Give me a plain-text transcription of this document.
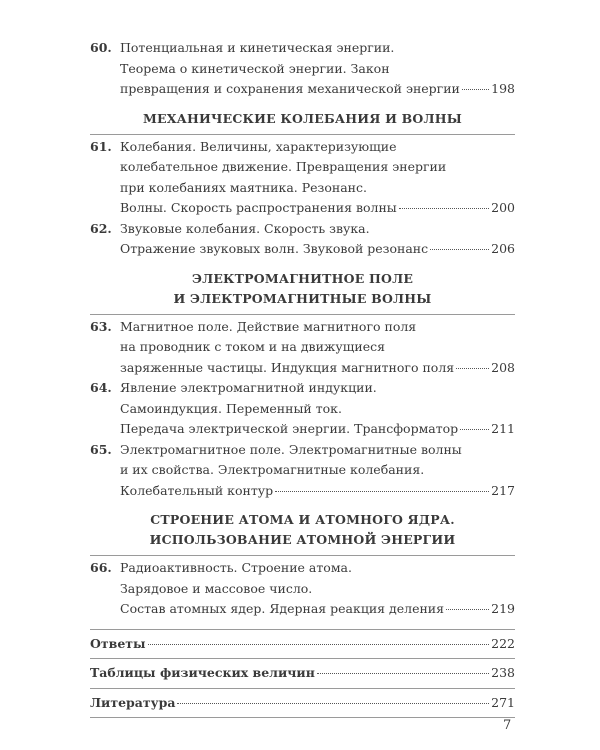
60. Потенциальная и кинетическая энергии.
Теорема о кинетической энергии. Закон
превращения и сохранения механической энергии	198
МЕХАНИЧЕСКИЕ КОЛЕБАНИЯ И ВОЛНЫ
61. Колебания. Величины, характеризующие
колебательное движение. Превращения энергии
при колебаниях маятника. Резонанс.
Волны. Скорость распространения волны	200
62. Звуковые колебания. Скорость звука.
Отражение звуковых волн. Звуковой резонанс	206
ЭЛЕКТРОМАГНИТНОЕ ПОЛЕ
И ЭЛЕКТРОМАГНИТНЫЕ ВОЛНЫ
63. Магнитное поле. Действие магнитного поля
на проводник с током и на движущиеся
заряженные частицы. Индукция магнитного поля	208
64. Явление электромагнитной индукции.
Самоиндукция. Переменный ток.
Передача электрической энергии. Трансформатор	211
65. Электромагнитное поле. Электромагнитные волны
и их свойства. Электромагнитные колебания.
Колебательный контур	217
СТРОЕНИЕ АТОМА И АТОМНОГО ЯДРА.
ИСПОЛЬЗОВАНИЕ АТОМНОЙ ЭНЕРГИИ
66. Радиоактивность. Строение атома.
Зарядовое и массовое число.
Состав атомных ядер. Ядерная реакция деления	219
Ответы	222
Таблицы физических величин	238
Литература	271
7
